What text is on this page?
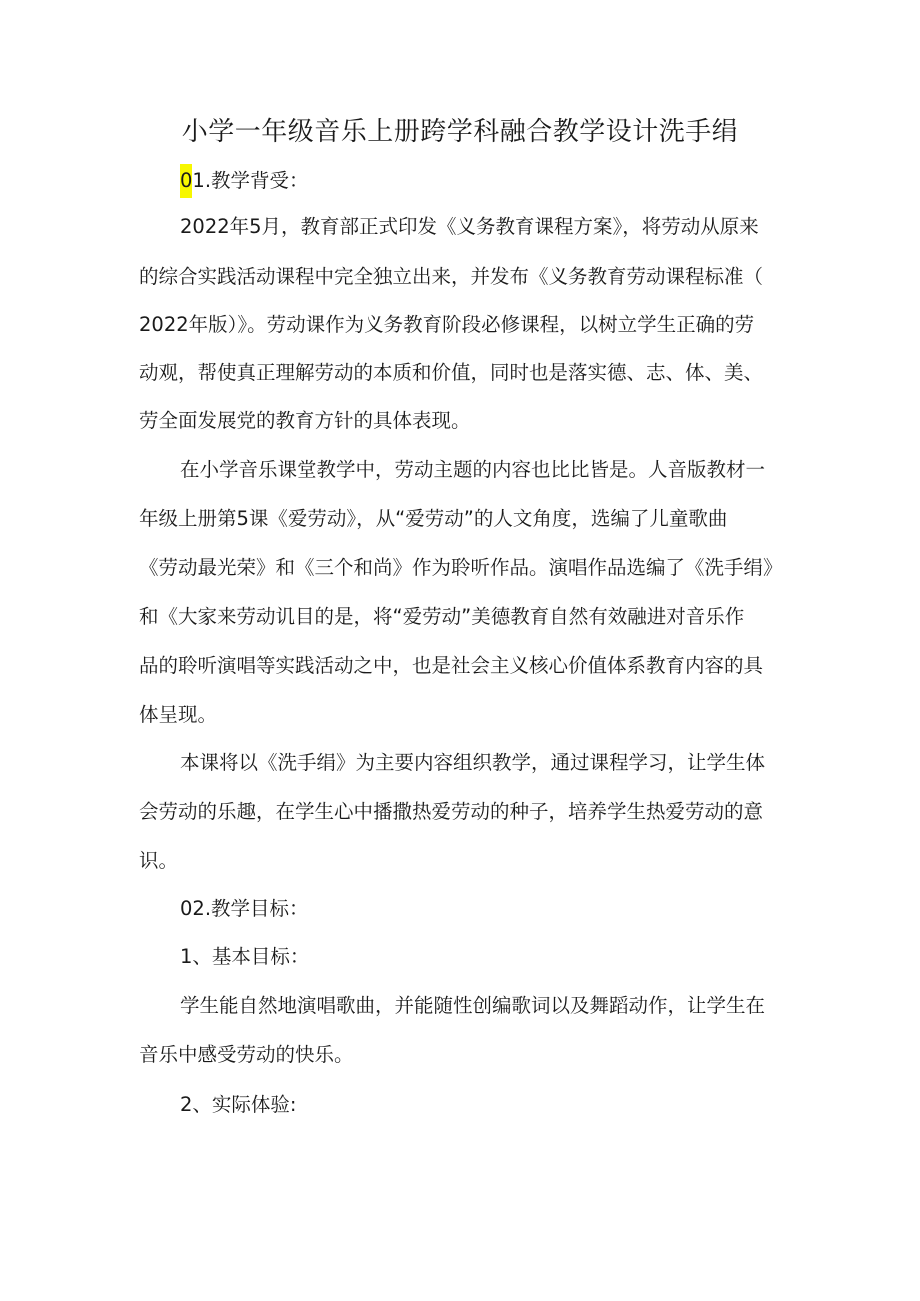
小学一年级音乐上册跨学科融合教学设计洗手绢
01.教学背受：
2022年5月，教育部正式印发《义务教育课程方案》，将劳动从原来
的综合实践活动课程中完全独立出来，并发布《义务教育劳动课程标准（
2022年版）》。劳动课作为义务教育阶段必修课程，以树立学生正确的劳
动观，帮使真正理解劳动的本质和价值，同时也是落实德、志、体、美、
劳全面发展党的教育方针的具体表现。
在小学音乐课堂教学中，劳动主题的内容也比比皆是。人音版教材一
年级上册第5课《爱劳动》，从“爱劳动”的人文角度，选编了儿童歌曲
《劳动最光荣》和《三个和尚》作为聆听作品。演唱作品选编了《洗手绢》
和《大家来劳动讥目的是，将“爱劳动”美德教育自然有效融进对音乐作
品的聆听演唱等实践活动之中，也是社会主义核心价值体系教育内容的具
体呈现。
本课将以《洗手绢》为主要内容组织教学，通过课程学习，让学生体
会劳动的乐趣，在学生心中播撒热爱劳动的种子，培养学生热爱劳动的意
识。
02.教学目标：
1、基本目标：
学生能自然地演唱歌曲，并能随性创编歌词以及舞蹈动作，让学生在
音乐中感受劳动的快乐。
2、实际体验:
